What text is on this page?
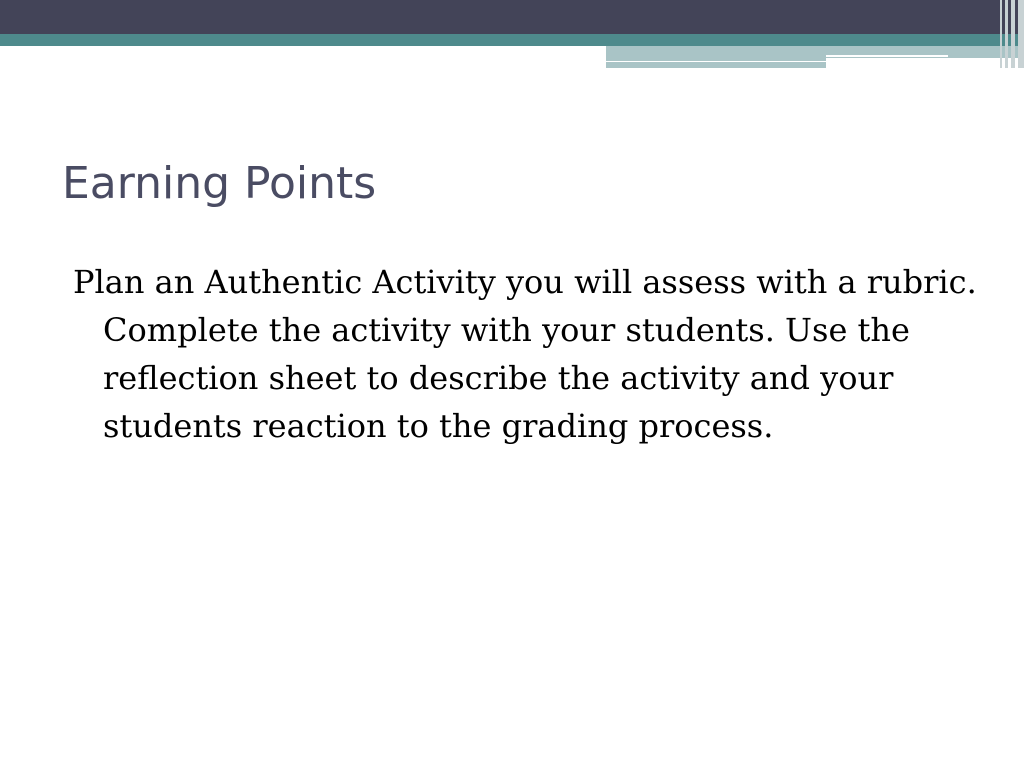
Earning Points

Plan an Authentic Activity you will assess with a rubric. Complete the activity with your students. Use the reflection sheet to describe the activity and your students reaction to the grading process.
